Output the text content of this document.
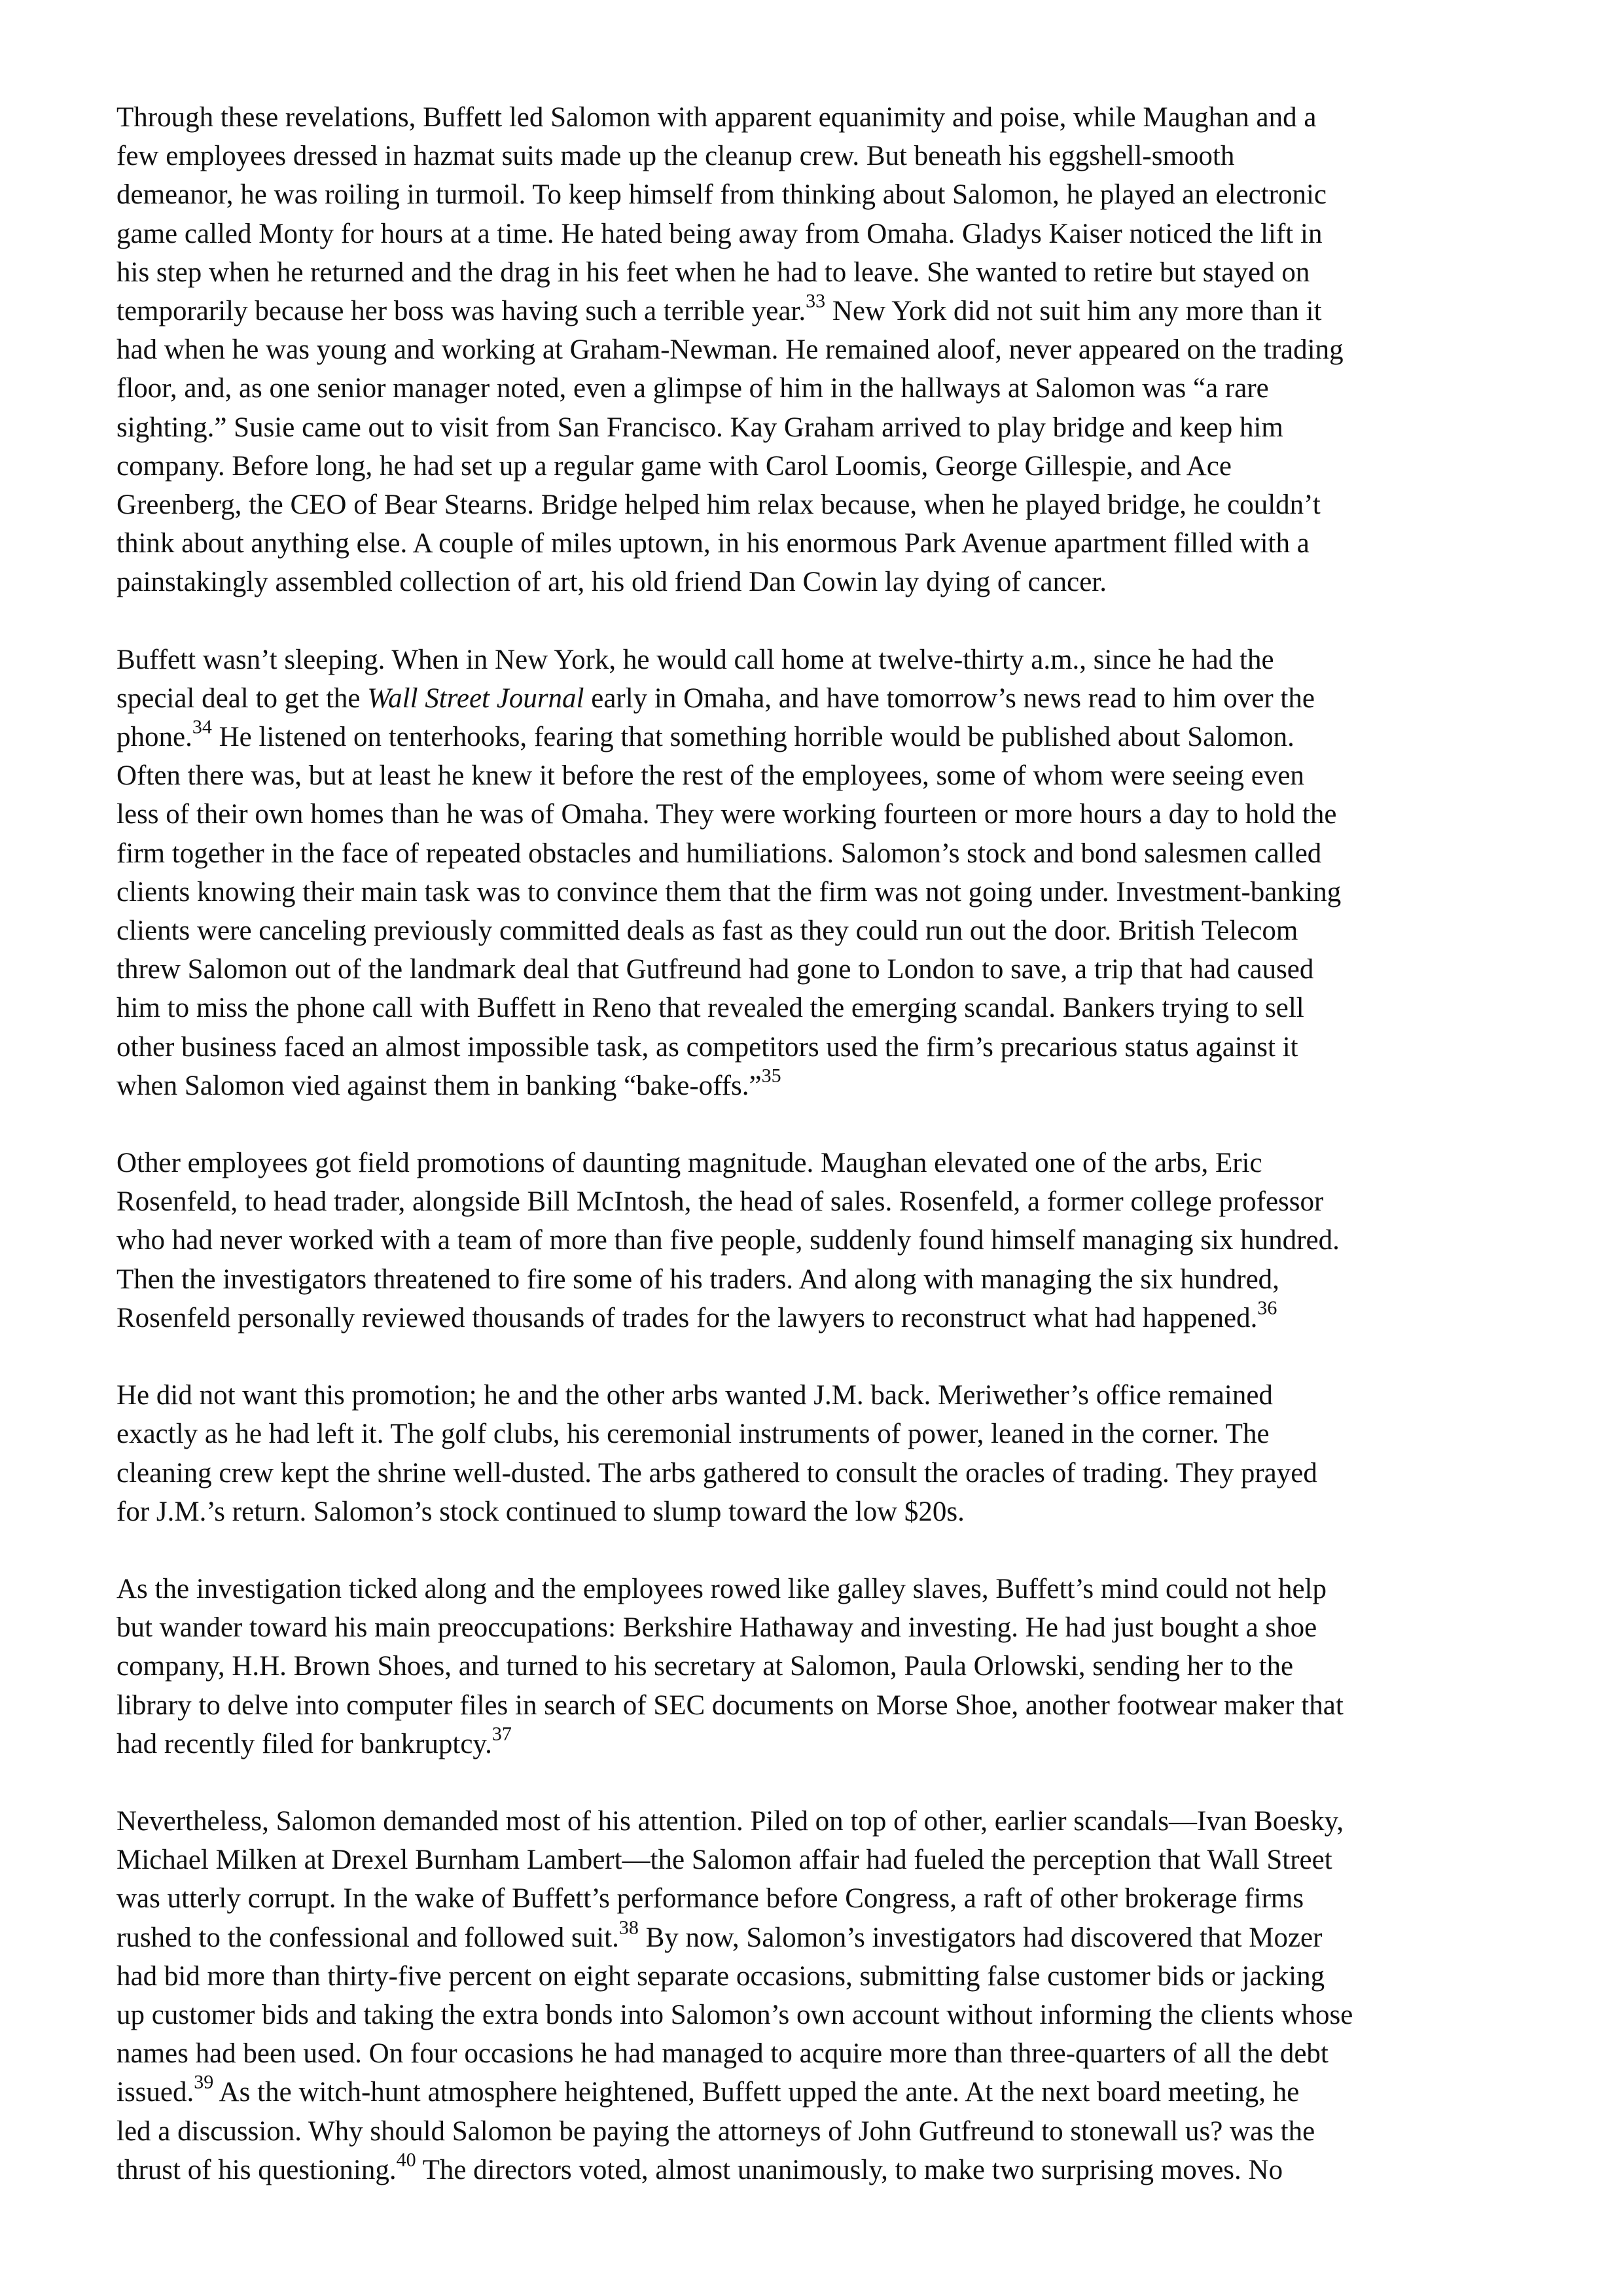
Through these revelations, Buffett led Salomon with apparent equanimity and poise, while Maughan and a
few employees dressed in hazmat suits made up the cleanup crew. But beneath his eggshell-smooth
demeanor, he was roiling in turmoil. To keep himself from thinking about Salomon, he played an electronic
game called Monty for hours at a time. He hated being away from Omaha. Gladys Kaiser noticed the lift in
his step when he returned and the drag in his feet when he had to leave. She wanted to retire but stayed on
temporarily because her boss was having such a terrible year.$^{33}$ New York did not suit him any more than it
had when he was young and working at Graham-Newman. He remained aloof, never appeared on the trading
floor, and, as one senior manager noted, even a glimpse of him in the hallways at Salomon was “a rare
sighting.” Susie came out to visit from San Francisco. Kay Graham arrived to play bridge and keep him
company. Before long, he had set up a regular game with Carol Loomis, George Gillespie, and Ace
Greenberg, the CEO of Bear Stearns. Bridge helped him relax because, when he played bridge, he couldn’t
think about anything else. A couple of miles uptown, in his enormous Park Avenue apartment filled with a
painstakingly assembled collection of art, his old friend Dan Cowin lay dying of cancer.

Buffett wasn’t sleeping. When in New York, he would call home at twelve-thirty a.m., since he had the
special deal to get the Wall Street Journal early in Omaha, and have tomorrow’s news read to him over the
phone.$^{34}$ He listened on tenterhooks, fearing that something horrible would be published about Salomon.
Often there was, but at least he knew it before the rest of the employees, some of whom were seeing even
less of their own homes than he was of Omaha. They were working fourteen or more hours a day to hold the
firm together in the face of repeated obstacles and humiliations. Salomon’s stock and bond salesmen called
clients knowing their main task was to convince them that the firm was not going under. Investment-banking
clients were canceling previously committed deals as fast as they could run out the door. British Telecom
threw Salomon out of the landmark deal that Gutfreund had gone to London to save, a trip that had caused
him to miss the phone call with Buffett in Reno that revealed the emerging scandal. Bankers trying to sell
other business faced an almost impossible task, as competitors used the firm’s precarious status against it
when Salomon vied against them in banking “bake-offs.”$^{35}$

Other employees got field promotions of daunting magnitude. Maughan elevated one of the arbs, Eric
Rosenfeld, to head trader, alongside Bill McIntosh, the head of sales. Rosenfeld, a former college professor
who had never worked with a team of more than five people, suddenly found himself managing six hundred.
Then the investigators threatened to fire some of his traders. And along with managing the six hundred,
Rosenfeld personally reviewed thousands of trades for the lawyers to reconstruct what had happened.$^{36}$

He did not want this promotion; he and the other arbs wanted J.M. back. Meriwether’s office remained
exactly as he had left it. The golf clubs, his ceremonial instruments of power, leaned in the corner. The
cleaning crew kept the shrine well-dusted. The arbs gathered to consult the oracles of trading. They prayed
for J.M.’s return. Salomon’s stock continued to slump toward the low $20s.

As the investigation ticked along and the employees rowed like galley slaves, Buffett’s mind could not help
but wander toward his main preoccupations: Berkshire Hathaway and investing. He had just bought a shoe
company, H.H. Brown Shoes, and turned to his secretary at Salomon, Paula Orlowski, sending her to the
library to delve into computer files in search of SEC documents on Morse Shoe, another footwear maker that
had recently filed for bankruptcy.$^{37}$

Nevertheless, Salomon demanded most of his attention. Piled on top of other, earlier scandals—Ivan Boesky,
Michael Milken at Drexel Burnham Lambert—the Salomon affair had fueled the perception that Wall Street
was utterly corrupt. In the wake of Buffett’s performance before Congress, a raft of other brokerage firms
rushed to the confessional and followed suit.$^{38}$ By now, Salomon’s investigators had discovered that Mozer
had bid more than thirty-five percent on eight separate occasions, submitting false customer bids or jacking
up customer bids and taking the extra bonds into Salomon’s own account without informing the clients whose
names had been used. On four occasions he had managed to acquire more than three-quarters of all the debt
issued.$^{39}$ As the witch-hunt atmosphere heightened, Buffett upped the ante. At the next board meeting, he
led a discussion. Why should Salomon be paying the attorneys of John Gutfreund to stonewall us? was the
thrust of his questioning.$^{40}$ The directors voted, almost unanimously, to make two surprising moves. No
